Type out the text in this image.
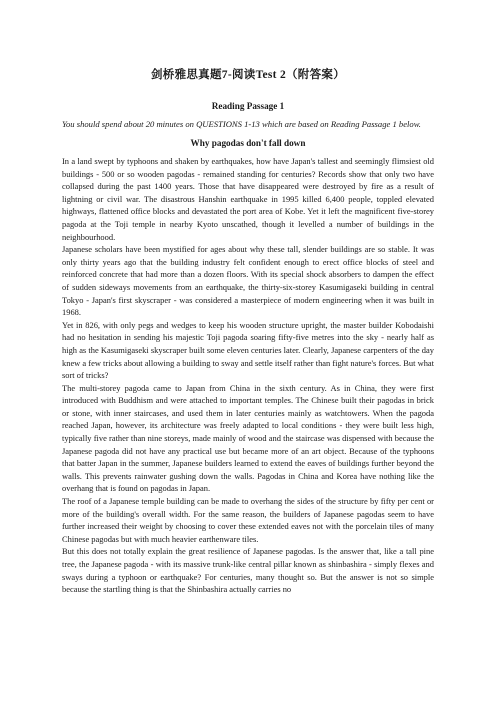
剑桥雅思真题7-阅读Test 2（附答案）
Reading Passage 1

You should spend about 20 minutes on QUESTIONS 1-13 which are based on Reading Passage 1 below.

Why pagodas don't fall down

In a land swept by typhoons and shaken by earthquakes, how have Japan's tallest and seemingly flimsiest old buildings - 500 or so wooden pagodas - remained standing for centuries? Records show that only two have collapsed during the past 1400 years. Those that have disappeared were destroyed by fire as a result of lightning or civil war. The disastrous Hanshin earthquake in 1995 killed 6,400 people, toppled elevated highways, flattened office blocks and devastated the port area of Kobe. Yet it left the magnificent five-storey pagoda at the Toji temple in nearby Kyoto unscathed, though it levelled a number of buildings in the neighbourhood.

Japanese scholars have been mystified for ages about why these tall, slender buildings are so stable. It was only thirty years ago that the building industry felt confident enough to erect office blocks of steel and reinforced concrete that had more than a dozen floors. With its special shock absorbers to dampen the effect of sudden sideways movements from an earthquake, the thirty-six-storey Kasumigaseki building in central Tokyo - Japan's first skyscraper - was considered a masterpiece of modern engineering when it was built in 1968.

Yet in 826, with only pegs and wedges to keep his wooden structure upright, the master builder Kobodaishi had no hesitation in sending his majestic Toji pagoda soaring fifty-five metres into the sky - nearly half as high as the Kasumigaseki skyscraper built some eleven centuries later. Clearly, Japanese carpenters of the day knew a few tricks about allowing a building to sway and settle itself rather than fight nature's forces. But what sort of tricks?

The multi-storey pagoda came to Japan from China in the sixth century. As in China, they were first introduced with Buddhism and were attached to important temples. The Chinese built their pagodas in brick or stone, with inner staircases, and used them in later centuries mainly as watchtowers. When the pagoda reached Japan, however, its architecture was freely adapted to local conditions - they were built less high, typically five rather than nine storeys, made mainly of wood and the staircase was dispensed with because the Japanese pagoda did not have any practical use but became more of an art object. Because of the typhoons that batter Japan in the summer, Japanese builders learned to extend the eaves of buildings further beyond the walls. This prevents rainwater gushing down the walls. Pagodas in China and Korea have nothing like the overhang that is found on pagodas in Japan.

The roof of a Japanese temple building can be made to overhang the sides of the structure by fifty per cent or more of the building's overall width. For the same reason, the builders of Japanese pagodas seem to have further increased their weight by choosing to cover these extended eaves not with the porcelain tiles of many Chinese pagodas but with much heavier earthenware tiles.

But this does not totally explain the great resilience of Japanese pagodas. Is the answer that, like a tall pine tree, the Japanese pagoda - with its massive trunk-like central pillar known as shinbashira - simply flexes and sways during a typhoon or earthquake? For centuries, many thought so. But the answer is not so simple because the startling thing is that the Shinbashira actually carries no
